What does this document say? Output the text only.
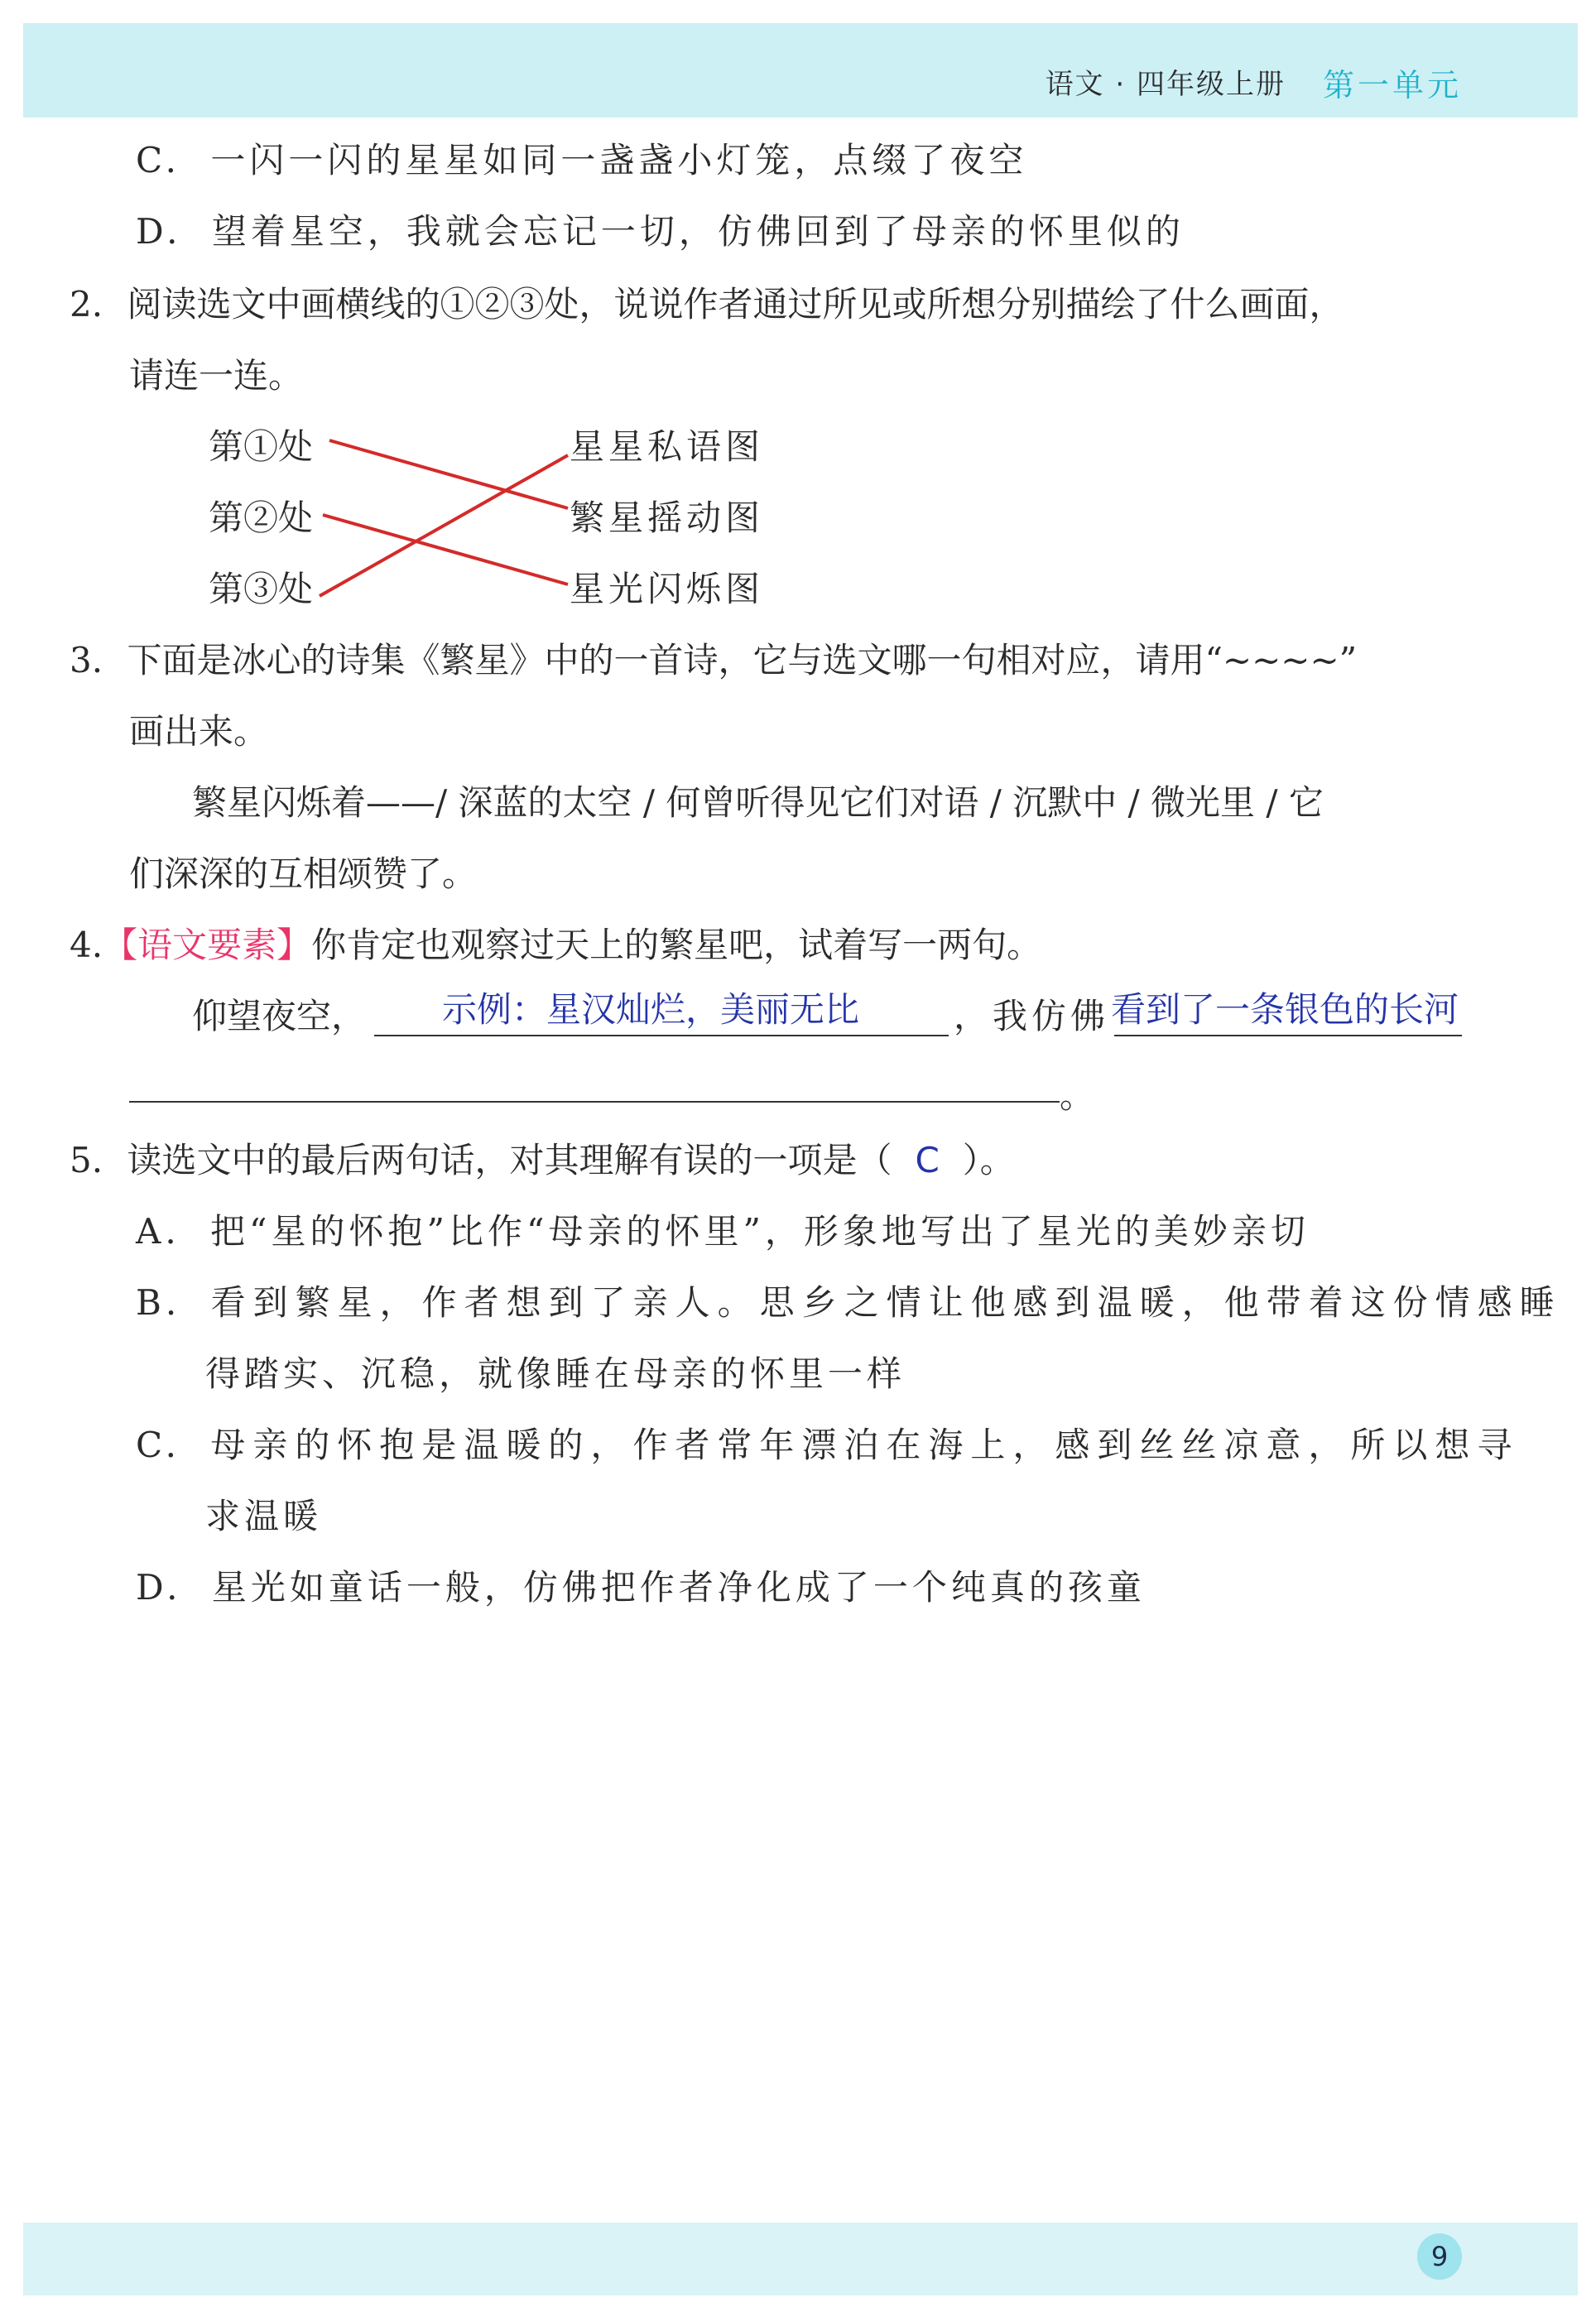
语文 · 四年级上册 第一单元
C. 一闪一闪的星星如同一盏盏小灯笼，点缀了夜空
D. 望着星空，我就会忘记一切，仿佛回到了母亲的怀里似的
2. 阅读选文中画横线的①②③处，说说作者通过所见或所想分别描绘了什么画面，
请连一连。
第①处
第②处
第③处
星星私语图
繁星摇动图
星光闪烁图
3. 下面是冰心的诗集《繁星》中的一首诗，它与选文哪一句相对应，请用“~~~~”
画出来。
繁星闪烁着——/ 深蓝的太空 / 何曾听得见它们对语 / 沉默中 / 微光里 / 它
们深深的互相颂赞了。
4.【语文要素】你肯定也观察过天上的繁星吧，试着写一两句。
仰望夜空， 示例：星汉灿烂，美丽无比	，我仿佛 看到了一条银色的长河
。
5. 读选文中的最后两句话，对其理解有误的一项是（ C ）。
A. 把“星的怀抱”比作“母亲的怀里”，形象地写出了星光的美妙亲切
B. 看到繁星，作者想到了亲人。思乡之情让他感到温暖，他带着这份情感睡
得踏实、沉稳，就像睡在母亲的怀里一样
C. 母亲的怀抱是温暖的，作者常年漂泊在海上，感到丝丝凉意，所以想寻
求温暖
D. 星光如童话一般，仿佛把作者净化成了一个纯真的孩童
9
